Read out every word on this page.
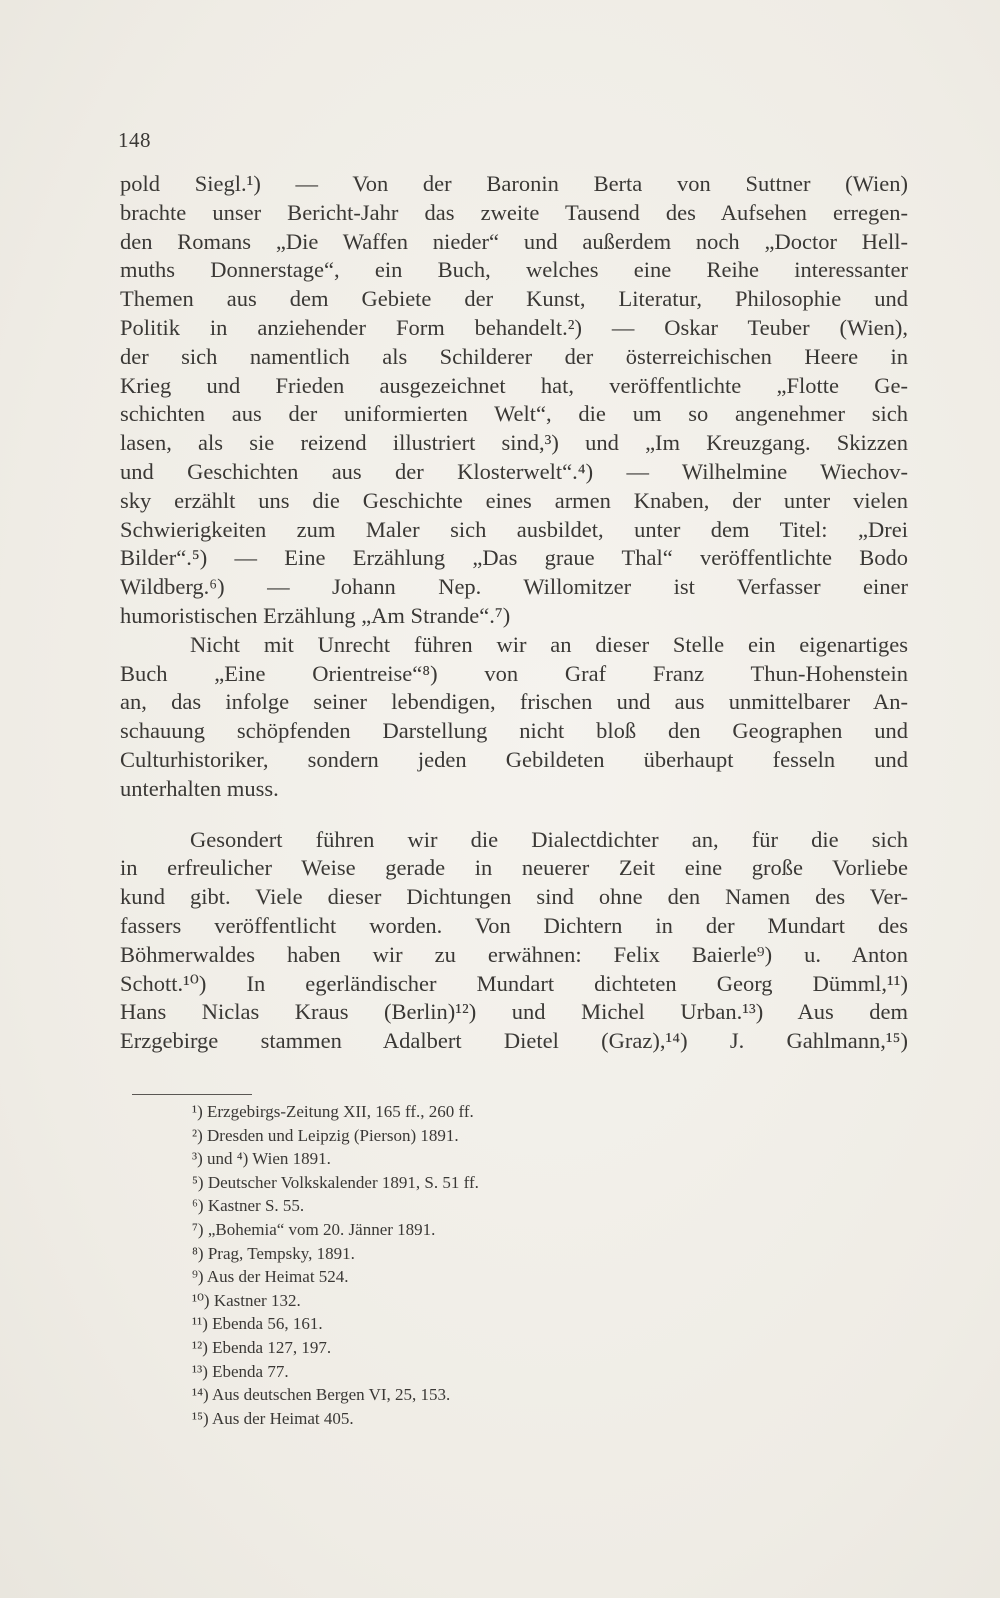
148
pold Siegl.¹) — Von der Baronin Berta von Suttner (Wien)
brachte unser Bericht-Jahr das zweite Tausend des Aufsehen erregen-
den Romans „Die Waffen nieder“ und außerdem noch „Doctor Hell-
muths Donnerstage“, ein Buch, welches eine Reihe interessanter
Themen aus dem Gebiete der Kunst, Literatur, Philosophie und
Politik in anziehender Form behandelt.²) — Oskar Teuber (Wien),
der sich namentlich als Schilderer der österreichischen Heere in
Krieg und Frieden ausgezeichnet hat, veröffentlichte „Flotte Ge-
schichten aus der uniformierten Welt“, die um so angenehmer sich
lasen, als sie reizend illustriert sind,³) und „Im Kreuzgang. Skizzen
und Geschichten aus der Klosterwelt“.⁴) — Wilhelmine Wiechov-
sky erzählt uns die Geschichte eines armen Knaben, der unter vielen
Schwierigkeiten zum Maler sich ausbildet, unter dem Titel: „Drei
Bilder“.⁵) — Eine Erzählung „Das graue Thal“ veröffentlichte Bodo
Wildberg.⁶) — Johann Nep. Willomitzer ist Verfasser einer
humoristischen Erzählung „Am Strande“.⁷)
Nicht mit Unrecht führen wir an dieser Stelle ein eigenartiges
Buch „Eine Orientreise“⁸) von Graf Franz Thun-Hohenstein
an, das infolge seiner lebendigen, frischen und aus unmittelbarer An-
schauung schöpfenden Darstellung nicht bloß den Geographen und
Culturhistoriker, sondern jeden Gebildeten überhaupt fesseln und
unterhalten muss.
Gesondert führen wir die Dialectdichter an, für die sich
in erfreulicher Weise gerade in neuerer Zeit eine große Vorliebe
kund gibt. Viele dieser Dichtungen sind ohne den Namen des Ver-
fassers veröffentlicht worden. Von Dichtern in der Mundart des
Böhmerwaldes haben wir zu erwähnen: Felix Baierle⁹) u. Anton
Schott.¹⁰) In egerländischer Mundart dichteten Georg Dümml,¹¹)
Hans Niclas Kraus (Berlin)¹²) und Michel Urban.¹³) Aus dem
Erzgebirge stammen Adalbert Dietel (Graz),¹⁴) J. Gahlmann,¹⁵)
¹) Erzgebirgs-Zeitung XII, 165 ff., 260 ff.
²) Dresden und Leipzig (Pierson) 1891.
³) und ⁴) Wien 1891.
⁵) Deutscher Volkskalender 1891, S. 51 ff.
⁶) Kastner S. 55.
⁷) „Bohemia“ vom 20. Jänner 1891.
⁸) Prag, Tempsky, 1891.
⁹) Aus der Heimat 524.
¹⁰) Kastner 132.
¹¹) Ebenda 56, 161.
¹²) Ebenda 127, 197.
¹³) Ebenda 77.
¹⁴) Aus deutschen Bergen VI, 25, 153.
¹⁵) Aus der Heimat 405.
